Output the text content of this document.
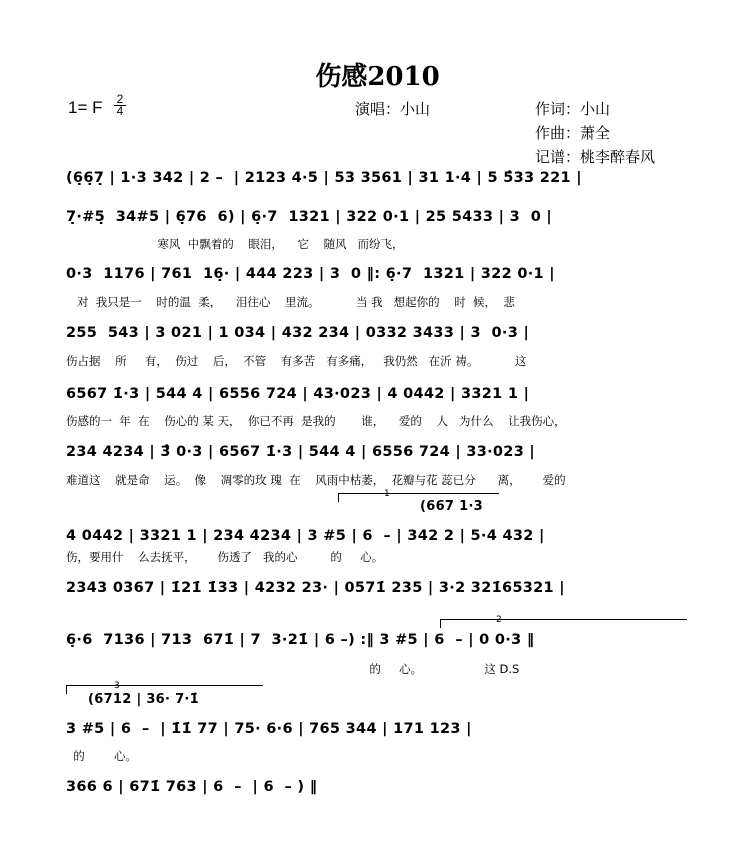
伤感2010
1= F 2
4	演唱：小山	作词：小山
作曲：萧全
记谱：桃李醉春风
(6̣6̣7̣ | 1·3 342 | 2 –  | 2123 4·5 | 53 3561 | 31 1·4 | 5 5̂33 221 |
7̣·#5̣  34#5 | 6̣76  6) | 6̣·7  1321 | 322 0·1 | 25 5433 | 3  0 |
寒风  中飘着的    眼泪，    它    随风   而纷飞，
0·3  1176 | 761  16̣· | 444 223 | 3  0 ‖: 6̣·7  1321 | 322 0·1 |
对  我只是一    时的温  柔，    泪往心    里流。          当 我   想起你的    时  候，  悲
255  543 | 3 021 | 1 034 | 432 234 | 0332 3433 | 3  0·3 |
伤占据    所     有，  伤过    后，  不管    有多苦   有多痛，   我仍然   在沂 祷。          这
6567 1̇·3 | 544 4 | 6556 724 | 43·023 | 4 0442 | 3321 1 |
伤感的一  年  在    伤心的 某 天，  你已不再  是我的       谁，    爱的    人   为什么    让我伤心，
234 4234 | 3̂ 0·3 | 6567 1̇·3 | 544 4 | 6556 724 | 33·023 |
难道这    就是命    运。  像    凋零的玫 瑰  在    风雨中枯萎，  花瓣与花 蕊已分      离，      爱的
1
(667 1·3
4 0442 | 3321 1 | 234 4234 | 3 #5 | 6  – | 342 2 | 5·4 432 |
伤，要用什    么去抚平，      伤透了   我的心         的     心。
2343 0367 | 1̇21̇ 1̇33 | 4232 23· | 0571̇ 235 | 3·2 321̇65321 |
2
6̣·6  7136 | 713  671̇ | 7  3·21̇ | 6 –) :‖ 3 #5 | 6  – | 0 0·3 ‖
的     心。                 这 D.S
3
(6712 | 36· 7·1̇
3 #5 | 6  –  | 1̇1̇ 77 | 75· 6·6 | 765 344 | 171 123 |
的        心。
366 6 | 671̇ 763 | 6  –  | 6  – ) ‖
